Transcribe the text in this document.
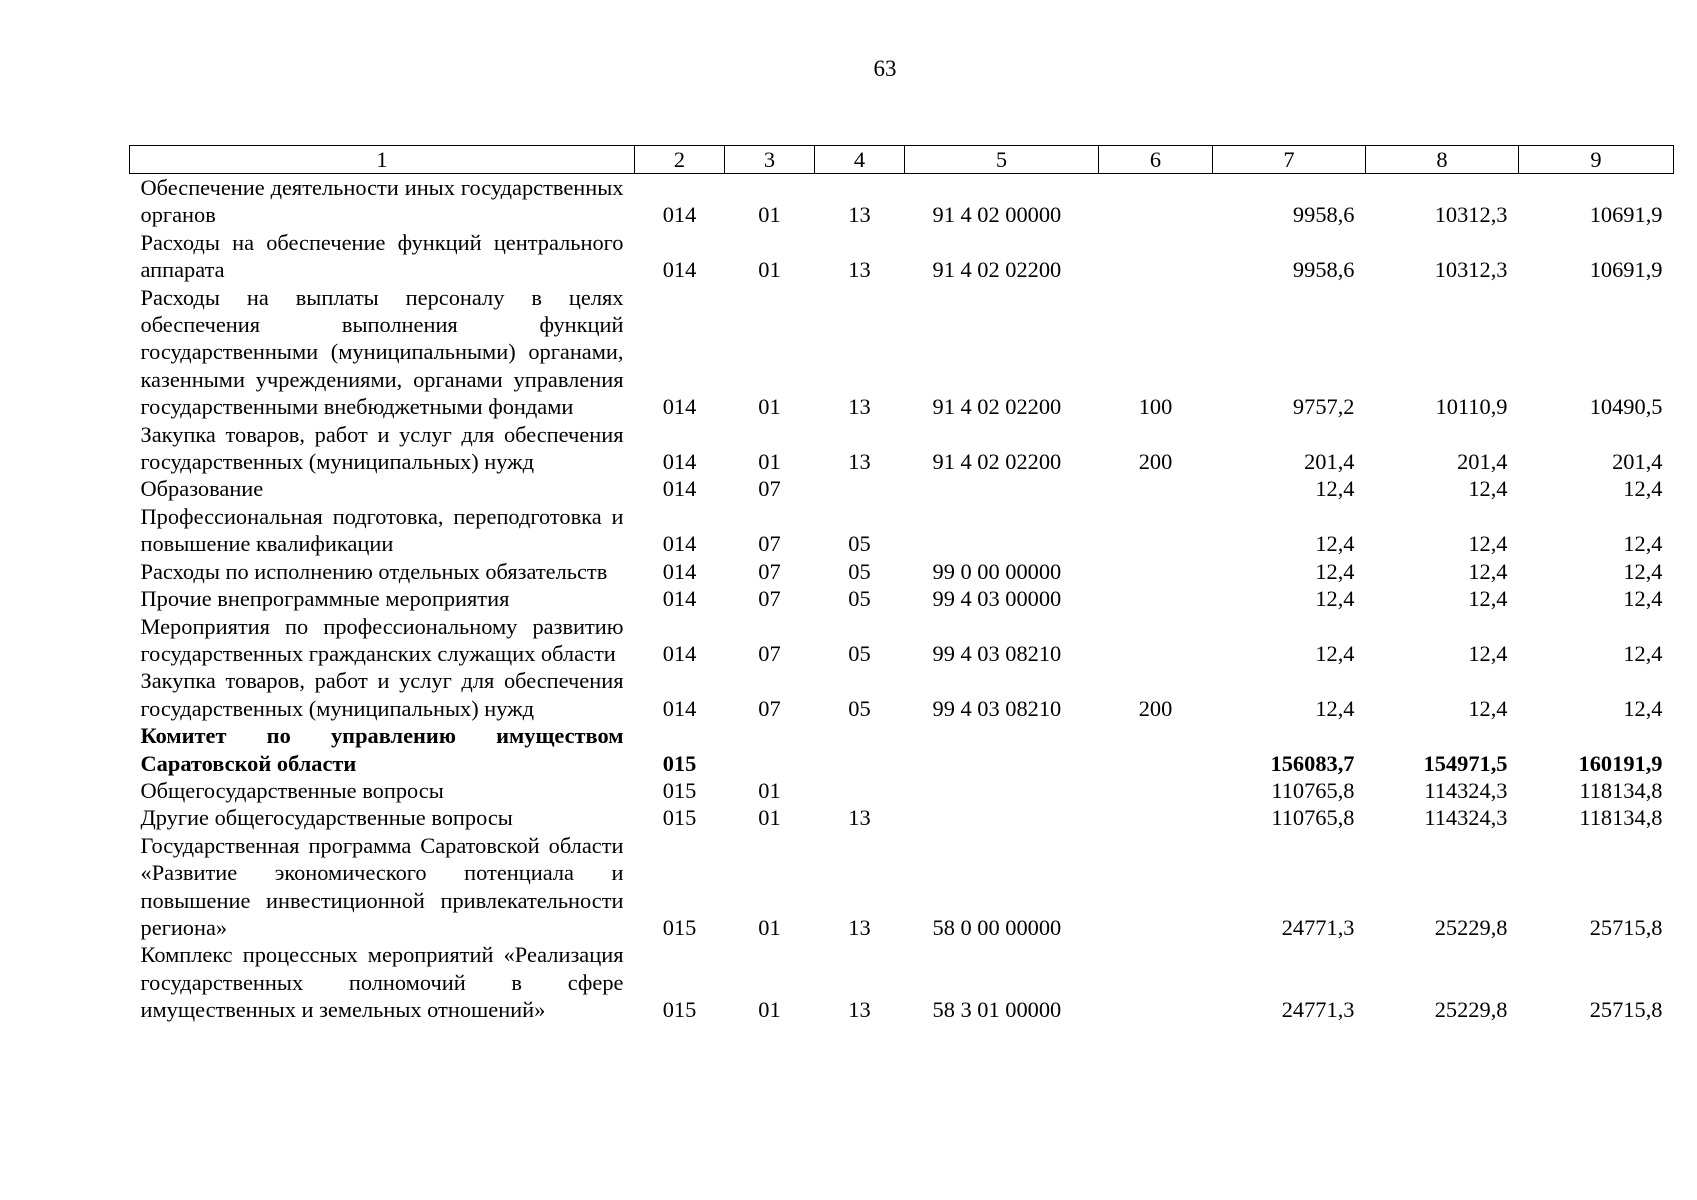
63
1	2	3	4	5	6	7	8	9
Обеспечение деятельности иных государственных органов	014	01	13	91 4 02 00000		9958,6	10312,3	10691,9
Расходы на обеспечение функций центрального аппарата	014	01	13	91 4 02 02200		9958,6	10312,3	10691,9
Расходы на выплаты персоналу в целях обеспечения выполнения функций государственными (муниципальными) органами, казенными учреждениями, органами управления государственными внебюджетными фондами	014	01	13	91 4 02 02200	100	9757,2	10110,9	10490,5
Закупка товаров, работ и услуг для обеспечения государственных (муниципальных) нужд	014	01	13	91 4 02 02200	200	201,4	201,4	201,4
Образование	014	07				12,4	12,4	12,4
Профессиональная подготовка, переподготовка и повышение квалификации	014	07	05			12,4	12,4	12,4
Расходы по исполнению отдельных обязательств	014	07	05	99 0 00 00000		12,4	12,4	12,4
Прочие внепрограммные мероприятия	014	07	05	99 4 03 00000		12,4	12,4	12,4
Мероприятия по профессиональному развитию государственных гражданских служащих области	014	07	05	99 4 03 08210		12,4	12,4	12,4
Закупка товаров, работ и услуг для обеспечения государственных (муниципальных) нужд	014	07	05	99 4 03 08210	200	12,4	12,4	12,4
Комитет по управлению имуществом Саратовской области	015					156083,7	154971,5	160191,9
Общегосударственные вопросы	015	01				110765,8	114324,3	118134,8
Другие общегосударственные вопросы	015	01	13			110765,8	114324,3	118134,8
Государственная программа Саратовской области «Развитие экономического потенциала и повышение инвестиционной привлекательности региона»	015	01	13	58 0 00 00000		24771,3	25229,8	25715,8
Комплекс процессных мероприятий «Реализация государственных полномочий в сфере имущественных и земельных отношений»	015	01	13	58 3 01 00000		24771,3	25229,8	25715,8
